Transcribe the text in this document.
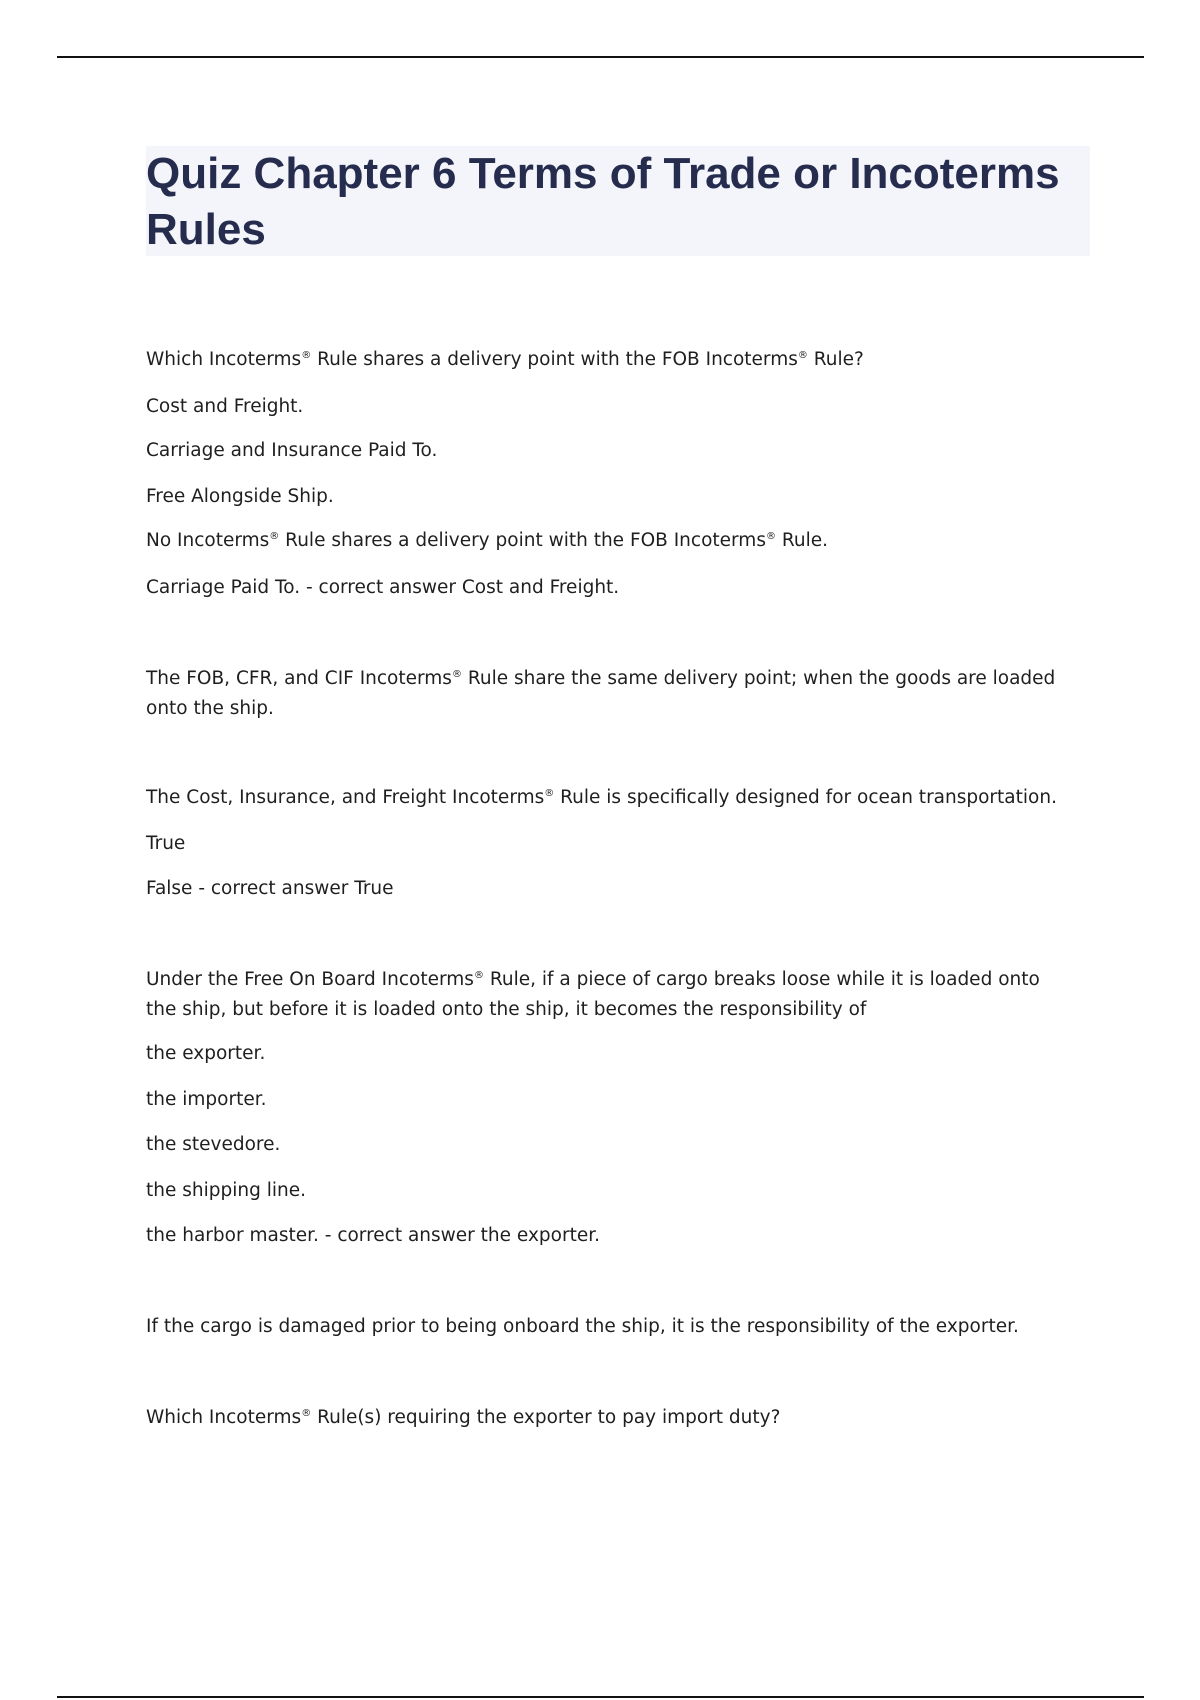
Quiz Chapter 6 Terms of Trade or Incoterms Rules
Which Incoterms® Rule shares a delivery point with the FOB Incoterms® Rule?
Cost and Freight.
Carriage and Insurance Paid To.
Free Alongside Ship.
No Incoterms® Rule shares a delivery point with the FOB Incoterms® Rule.
Carriage Paid To. - correct answer Cost and Freight.
The FOB, CFR, and CIF Incoterms® Rule share the same delivery point; when the goods are loaded onto the ship.
The Cost, Insurance, and Freight Incoterms® Rule is specifically designed for ocean transportation.
True
False - correct answer True
Under the Free On Board Incoterms® Rule, if a piece of cargo breaks loose while it is loaded onto the ship, but before it is loaded onto the ship, it becomes the responsibility of
the exporter.
the importer.
the stevedore.
the shipping line.
the harbor master. - correct answer the exporter.
If the cargo is damaged prior to being onboard the ship, it is the responsibility of the exporter.
Which Incoterms® Rule(s) requiring the exporter to pay import duty?
